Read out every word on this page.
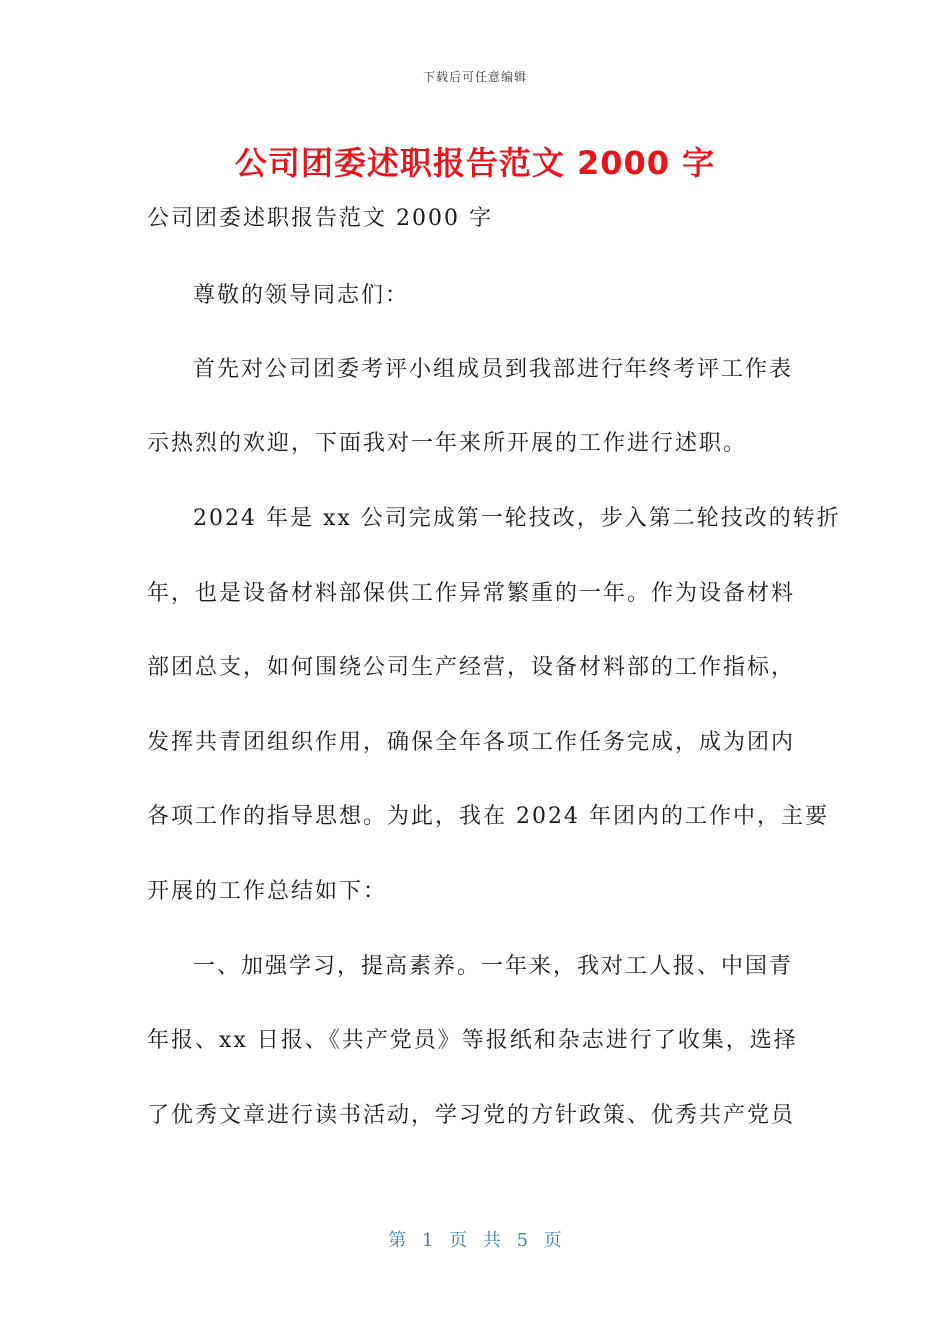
下载后可任意编辑
公司团委述职报告范文 2000 字
公司团委述职报告范文 2000 字
尊敬的领导同志们：
首先对公司团委考评小组成员到我部进行年终考评工作表
示热烈的欢迎，下面我对一年来所开展的工作进行述职。
2024 年是 xx 公司完成第一轮技改，步入第二轮技改的转折
年，也是设备材料部保供工作异常繁重的一年。作为设备材料
部团总支，如何围绕公司生产经营，设备材料部的工作指标，
发挥共青团组织作用，确保全年各项工作任务完成，成为团内
各项工作的指导思想。为此，我在 2024 年团内的工作中，主要
开展的工作总结如下：
一、加强学习，提高素养。一年来，我对工人报、中国青
年报、xx 日报、《共产党员》等报纸和杂志进行了收集，选择
了优秀文章进行读书活动，学习党的方针政策、优秀共产党员
第 1 页 共 5 页
